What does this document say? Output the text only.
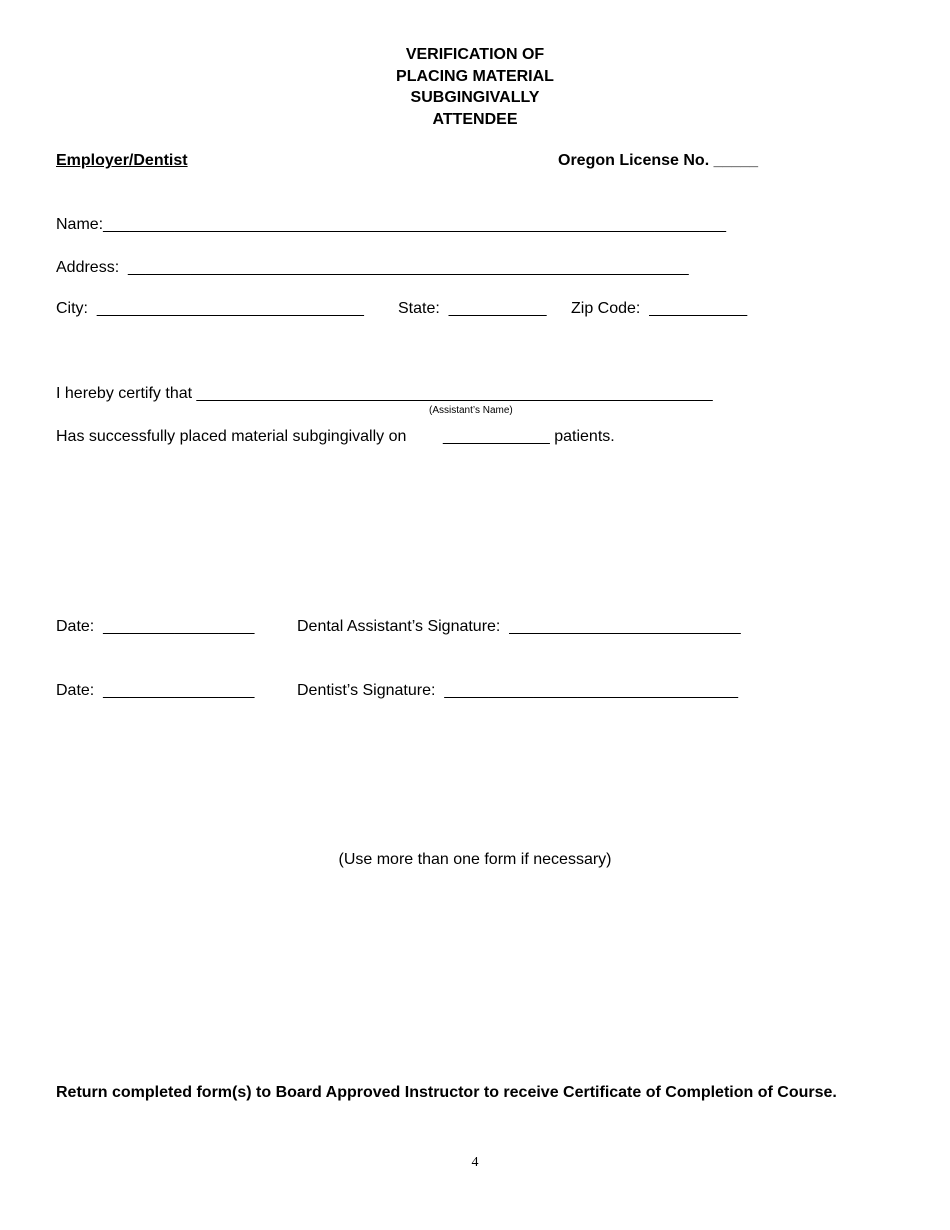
VERIFICATION OF
PLACING MATERIAL
SUBGINGIVALLY
ATTENDEE
Employer/Dentist	Oregon License No. _____
Name:______________________________________________________________________
Address:  _______________________________________________________________
City:  ______________________________ State:  ___________ Zip Code:  ___________
I hereby certify that __________________________________________________________
(Assistant’s Name)
Has successfully placed material subgingivally on ____________ patients.
Date:  _________________	Dental Assistant’s Signature:  __________________________
Date:  _________________	Dentist’s Signature:  _________________________________
(Use more than one form if necessary)
Return completed form(s) to Board Approved Instructor to receive Certificate of Completion of Course.
4
